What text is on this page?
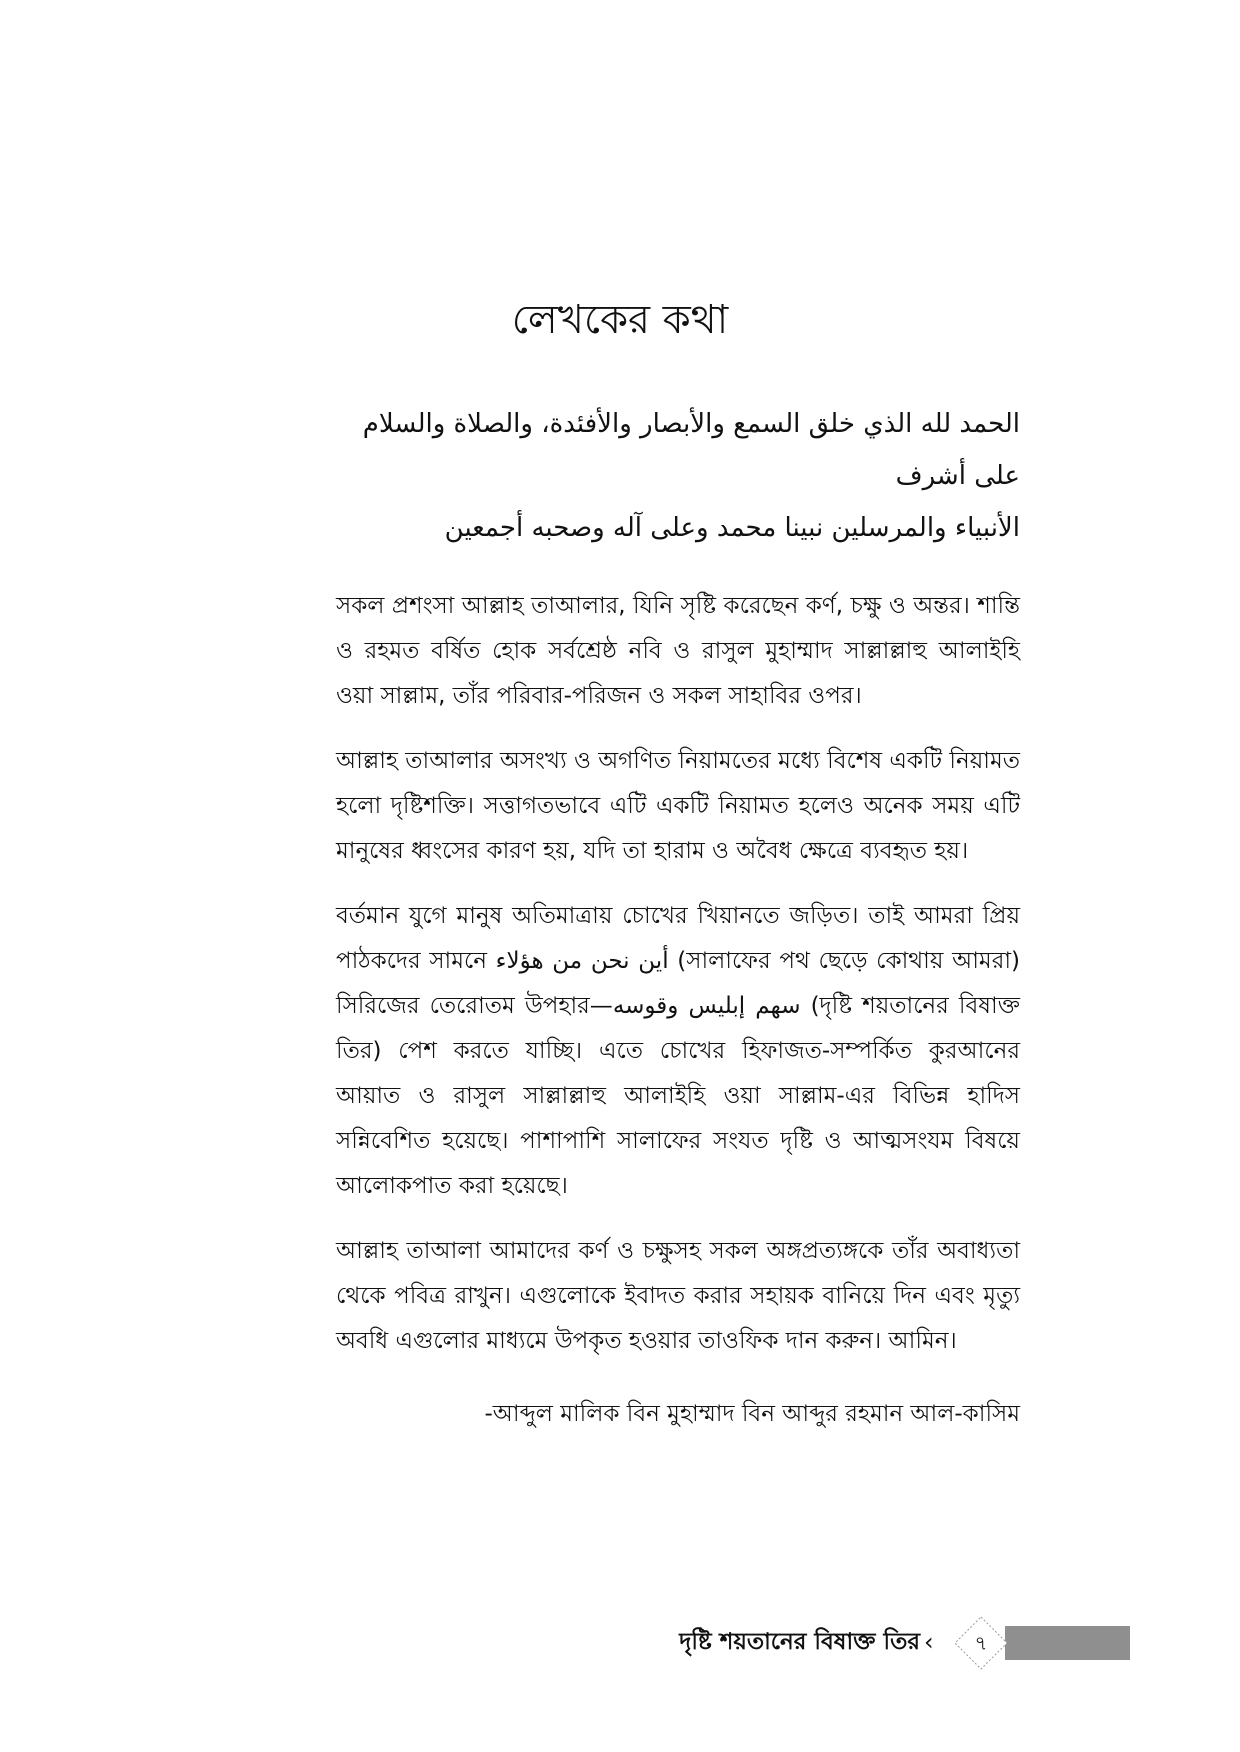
লেখকের কথা

الحمد لله الذي خلق السمع والأبصار والأفئدة، والصلاة والسلام على أشرف

الأنبياء والمرسلين نبينا محمد وعلى آله وصحبه أجمعين

সকল প্রশংসা আল্লাহ তাআলার, যিনি সৃষ্টি করেছেন কর্ণ, চক্ষু ও অন্তর। শান্তি ও রহমত বর্ষিত হোক সর্বশ্রেষ্ঠ নবি ও রাসুল মুহাম্মাদ সাল্লাল্লাহু আলাইহি ওয়া সাল্লাম, তাঁর পরিবার-পরিজন ও সকল সাহাবির ওপর।

আল্লাহ তাআলার অসংখ্য ও অগণিত নিয়ামতের মধ্যে বিশেষ একটি নিয়ামত হলো দৃষ্টিশক্তি। সত্তাগতভাবে এটি একটি নিয়ামত হলেও অনেক সময় এটি মানুষের ধ্বংসের কারণ হয়, যদি তা হারাম ও অবৈধ ক্ষেত্রে ব্যবহৃত হয়।

বর্তমান যুগে মানুষ অতিমাত্রায় চোখের খিয়ানতে জড়িত। তাই আমরা প্রিয় পাঠকদের সামনে أين نحن من هؤلاء (সালাফের পথ ছেড়ে কোথায় আমরা) সিরিজের তেরোতম উপহার—سهم إبليس وقوسه (দৃষ্টি শয়তানের বিষাক্ত তির) পেশ করতে যাচ্ছি। এতে চোখের হিফাজত-সম্পর্কিত কুরআনের আয়াত ও রাসুল সাল্লাল্লাহু আলাইহি ওয়া সাল্লাম-এর বিভিন্ন হাদিস সন্নিবেশিত হয়েছে। পাশাপাশি সালাফের সংযত দৃষ্টি ও আত্মসংযম বিষয়ে আলোকপাত করা হয়েছে।

আল্লাহ তাআলা আমাদের কর্ণ ও চক্ষুসহ সকল অঙ্গপ্রত্যঙ্গকে তাঁর অবাধ্যতা থেকে পবিত্র রাখুন। এগুলোকে ইবাদত করার সহায়ক বানিয়ে দিন এবং মৃত্যু অবধি এগুলোর মাধ্যমে উপকৃত হওয়ার তাওফিক দান করুন। আমিন।

-আব্দুল মালিক বিন মুহাম্মাদ বিন আব্দুর রহমান আল-কাসিম

দৃষ্টি শয়তানের বিষাক্ত তির ‹	৭
